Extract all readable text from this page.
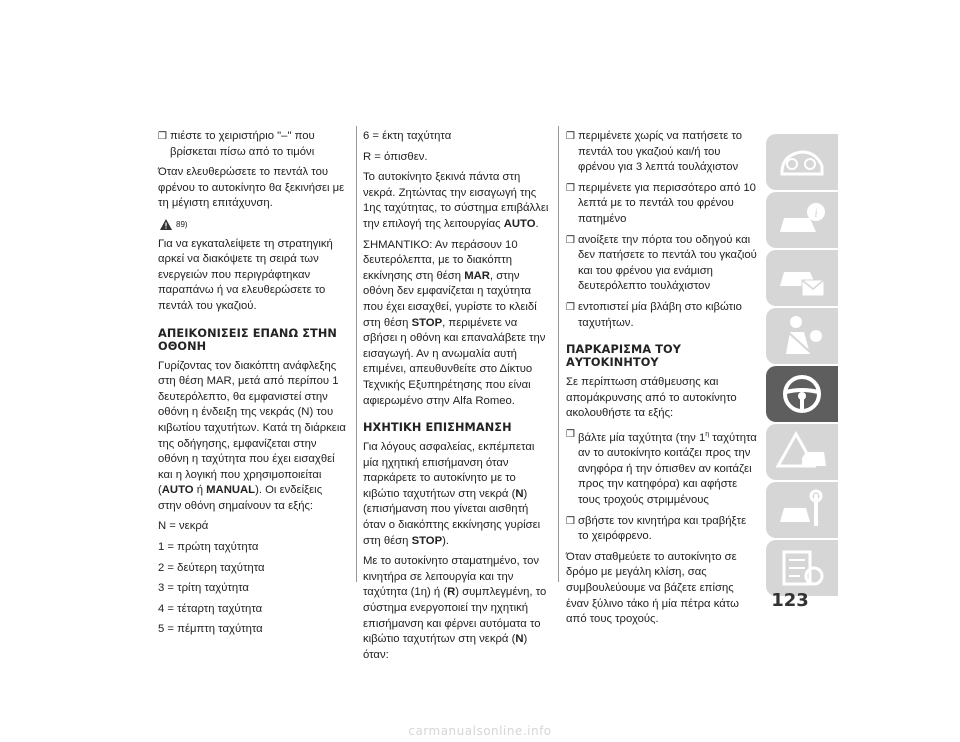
❒ πιέστε το χειριστήριο "–" που βρίσκεται πίσω από το τιμόνι

Όταν ελευθερώσετε το πεντάλ του φρένου το αυτοκίνητο θα ξεκινήσει με τη μέγιστη επιτάχυνση.

89)

Για να εγκαταλείψετε τη στρατηγική αρκεί να διακόψετε τη σειρά των ενεργειών που περιγράφτηκαν παραπάνω ή να ελευθερώσετε το πεντάλ του γκαζιού.

ΑΠΕΙΚΟΝΙΣΕΙΣ ΕΠΑΝΩ ΣΤΗΝ ΟΘΟΝΗ

Γυρίζοντας τον διακόπτη ανάφλεξης στη θέση MAR, μετά από περίπου 1 δευτερόλεπτο, θα εμφανιστεί στην οθόνη η ένδειξη της νεκράς (N) του κιβωτίου ταχυτήτων. Κατά τη διάρκεια της οδήγησης, εμφανίζεται στην οθόνη η ταχύτητα που έχει εισαχθεί και η λογική που χρησιμοποιείται (AUTO ή MANUAL). Οι ενδείξεις στην οθόνη σημαίνουν τα εξής:

N = νεκρά

1 = πρώτη ταχύτητα

2 = δεύτερη ταχύτητα

3 = τρίτη ταχύτητα

4 = τέταρτη ταχύτητα

5 = πέμπτη ταχύτητα

6 = έκτη ταχύτητα

R = όπισθεν.

Το αυτοκίνητο ξεκινά πάντα στη νεκρά. Ζητώντας την εισαγωγή της 1ης ταχύτητας, το σύστημα επιβάλλει την επιλογή της λειτουργίας AUTO.

ΣΗΜΑΝΤΙΚΟ: Αν περάσουν 10 δευτερόλεπτα, με το διακόπτη εκκίνησης στη θέση MAR, στην οθόνη δεν εμφανίζεται η ταχύτητα που έχει εισαχθεί, γυρίστε το κλειδί στη θέση STOP, περιμένετε να σβήσει η οθόνη και επαναλάβετε την εισαγωγή. Αν η ανωμαλία αυτή επιμένει, απευθυνθείτε στο Δίκτυο Τεχνικής Εξυπηρέτησης που είναι αφιερωμένο στην Alfa Romeo.

ΗΧΗΤΙΚΗ ΕΠΙΣΗΜΑΝΣΗ

Για λόγους ασφαλείας, εκπέμπεται μία ηχητική επισήμανση όταν παρκάρετε το αυτοκίνητο με το κιβώτιο ταχυτήτων στη νεκρά (N) (επισήμανση που γίνεται αισθητή όταν ο διακόπτης εκκίνησης γυρίσει στη θέση STOP).

Με το αυτοκίνητο σταματημένο, τον κινητήρα σε λειτουργία και την ταχύτητα (1η) ή (R) συμπλεγμένη, το σύστημα ενεργοποιεί την ηχητική επισήμανση και φέρνει αυτόματα το κιβώτιο ταχυτήτων στη νεκρά (N) όταν:

❒ περιμένετε χωρίς να πατήσετε το πεντάλ του γκαζιού και/ή του φρένου για 3 λεπτά τουλάχιστον
❒ περιμένετε για περισσότερο από 10 λεπτά με το πεντάλ του φρένου πατημένο
❒ ανοίξετε την πόρτα του οδηγού και δεν πατήσετε το πεντάλ του γκαζιού και του φρένου για ενάμιση δευτερόλεπτο τουλάχιστον
❒ εντοπιστεί μία βλάβη στο κιβώτιο ταχυτήτων.
ΠΑΡΚΑΡΙΣΜΑ ΤΟΥ ΑΥΤΟΚΙΝΗΤΟΥ

Σε περίπτωση στάθμευσης και απομάκρυνσης από το αυτοκίνητο ακολουθήστε τα εξής:

❒ βάλτε μία ταχύτητα (την $1^\eta$ ταχύτητα αν το αυτοκίνητο κοιτάζει προς την ανηφόρα ή την όπισθεν αν κοιτάζει προς την κατηφόρα) και αφήστε τους τροχούς στριμμένους
❒ σβήστε τον κινητήρα και τραβήξτε το χειρόφρενο.

Όταν σταθμεύετε το αυτοκίνητο σε δρόμο με μεγάλη κλίση, σας συμβουλεύουμε να βάζετε επίσης έναν ξύλινο τάκο ή μία πέτρα κάτω από τους τροχούς.

i
123
carmanualsonline.info
